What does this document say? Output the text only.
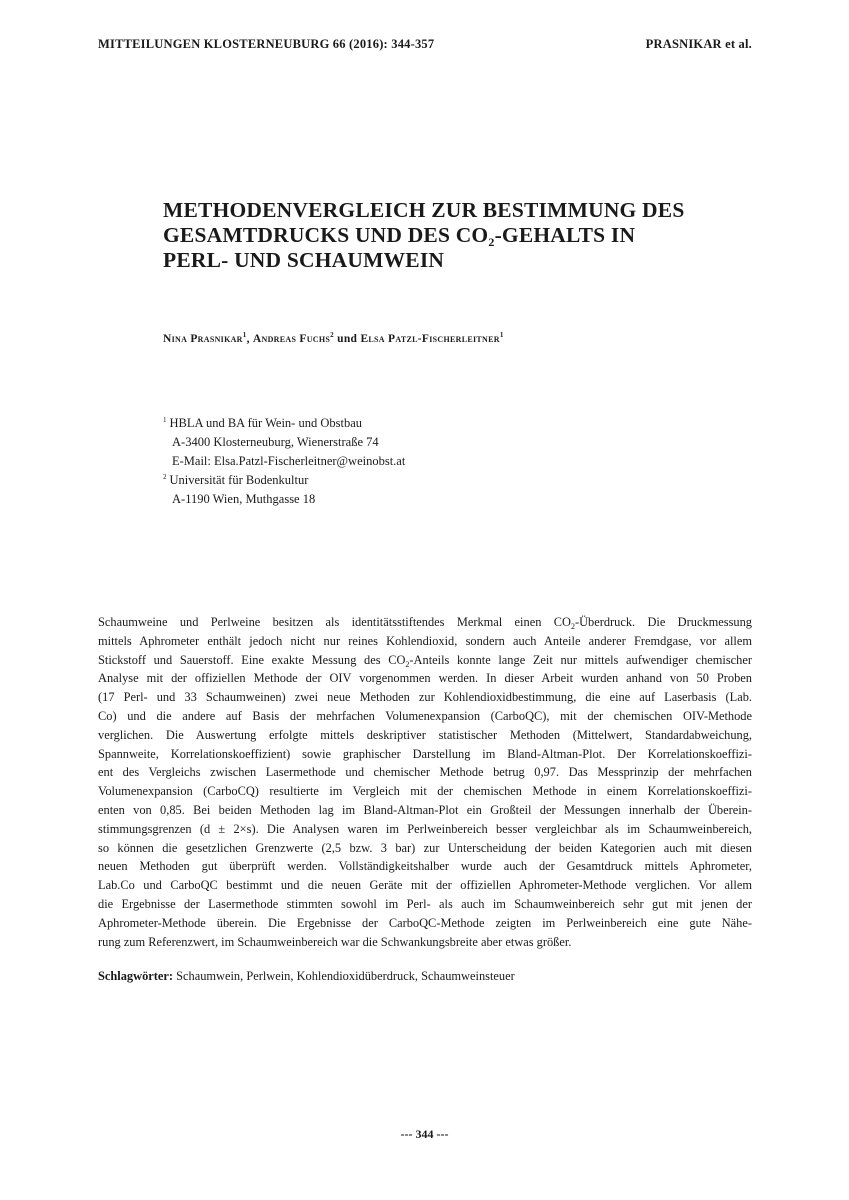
MITTEILUNGEN KLOSTERNEUBURG 66 (2016): 344-357	PRASNIKAR et al.
METHODENVERGLEICH ZUR BESTIMMUNG DES
GESAMTDRUCKS UND DES $CO_2$-GEHALTS IN
PERL- UND SCHAUMWEIN
Nina Prasnikar$^1$, Andreas Fuchs$^2$ und Elsa Patzl-Fischerleitner$^1$
$^1$ HBLA und BA für Wein- und Obstbau
A-3400 Klosterneuburg, Wienerstraße 74
E-Mail: Elsa.Patzl-Fischerleitner@weinobst.at
$^2$ Universität für Bodenkultur
A-1190 Wien, Muthgasse 18
Schaumweine und Perlweine besitzen als identitätsstiftendes Merkmal einen $CO_2$-Überdruck. Die Druckmessung
mittels Aphrometer enthält jedoch nicht nur reines Kohlendioxid, sondern auch Anteile anderer Fremdgase, vor allem
Stickstoff und Sauerstoff. Eine exakte Messung des $CO_2$-Anteils konnte lange Zeit nur mittels aufwendiger chemischer
Analyse mit der offiziellen Methode der OIV vorgenommen werden. In dieser Arbeit wurden anhand von 50 Proben
(17 Perl- und 33 Schaumweinen) zwei neue Methoden zur Kohlendioxidbestimmung, die eine auf Laserbasis (Lab.
Co) und die andere auf Basis der mehrfachen Volumenexpansion (CarboQC), mit der chemischen OIV-Methode
verglichen. Die Auswertung erfolgte mittels deskriptiver statistischer Methoden (Mittelwert, Standardabweichung,
Spannweite, Korrelationskoeffizient) sowie graphischer Darstellung im Bland-Altman-Plot. Der Korrelationskoeffizi-
ent des Vergleichs zwischen Lasermethode und chemischer Methode betrug 0,97. Das Messprinzip der mehrfachen
Volumenexpansion (CarboCQ) resultierte im Vergleich mit der chemischen Methode in einem Korrelationskoeffizi-
enten von 0,85. Bei beiden Methoden lag im Bland-Altman-Plot ein Großteil der Messungen innerhalb der Überein-
stimmungsgrenzen (d ± 2×s). Die Analysen waren im Perlweinbereich besser vergleichbar als im Schaumweinbereich,
so können die gesetzlichen Grenzwerte (2,5 bzw. 3 bar) zur Unterscheidung der beiden Kategorien auch mit diesen
neuen Methoden gut überprüft werden. Vollständigkeitshalber wurde auch der Gesamtdruck mittels Aphrometer,
Lab.Co und CarboQC bestimmt und die neuen Geräte mit der offiziellen Aphrometer-Methode verglichen. Vor allem
die Ergebnisse der Lasermethode stimmten sowohl im Perl- als auch im Schaumweinbereich sehr gut mit jenen der
Aphrometer-Methode überein. Die Ergebnisse der CarboQC-Methode zeigten im Perlweinbereich eine gute Nähe-
rung zum Referenzwert, im Schaumweinbereich war die Schwankungsbreite aber etwas größer.
Schlagwörter: Schaumwein, Perlwein, Kohlendioxidüberdruck, Schaumweinsteuer
--- 344 ---
